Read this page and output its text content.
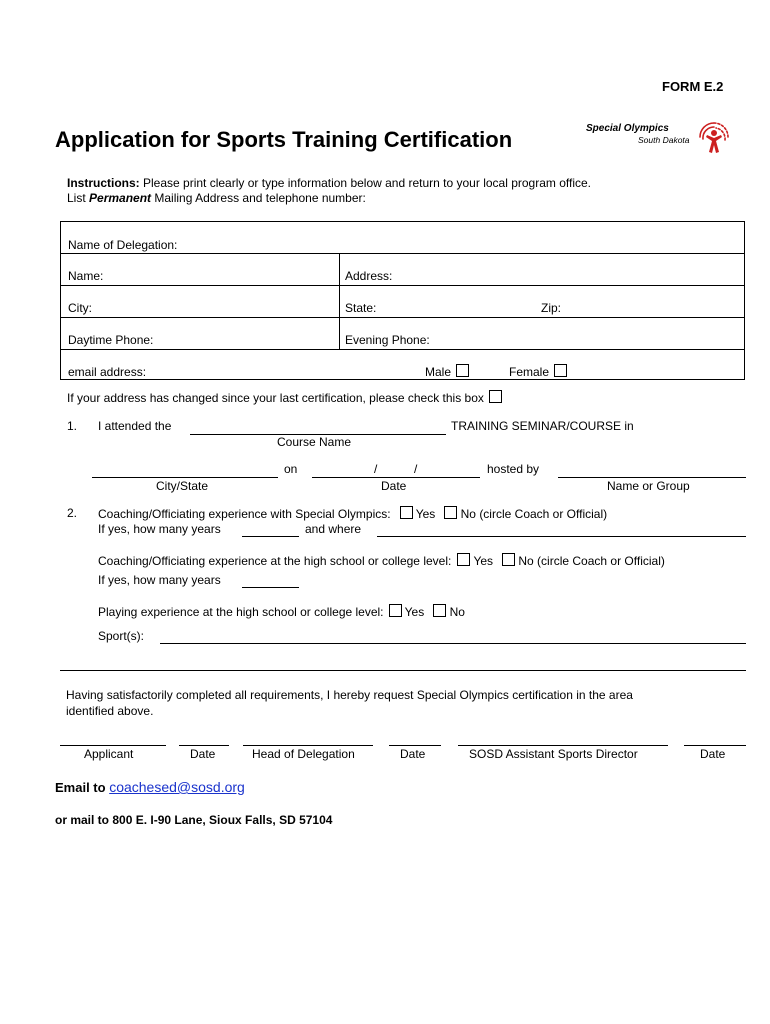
FORM E.2
Application for Sports Training Certification	Special Olympics
South Dakota
Instructions: Please print clearly or type information below and return to your local program office.
List Permanent Mailing Address and telephone number:
Name of Delegation:
Name:	Address:
City:	State:	Zip:
Daytime Phone:	Evening Phone:
email address:	Male	Female
If your address has changed since your last certification, please check this box
1. I attended the	TRAINING SEMINAR/COURSE in
Course Name
on	/	/	hosted by
City/State	Date	Name or Group
2. Coaching/Officiating experience with Special Olympics: Yes No (circle Coach or Official)
If yes, how many years	and where
Coaching/Officiating experience at the high school or college level: Yes No (circle Coach or Official)
If yes, how many years
Playing experience at the high school or college level: Yes No
Sport(s):
Having satisfactorily completed all requirements, I hereby request Special Olympics certification in the area
identified above.
Applicant	Date	Head of Delegation	Date	SOSD Assistant Sports Director	Date
Email to coachesed@sosd.org
or mail to 800 E. I-90 Lane, Sioux Falls, SD 57104
